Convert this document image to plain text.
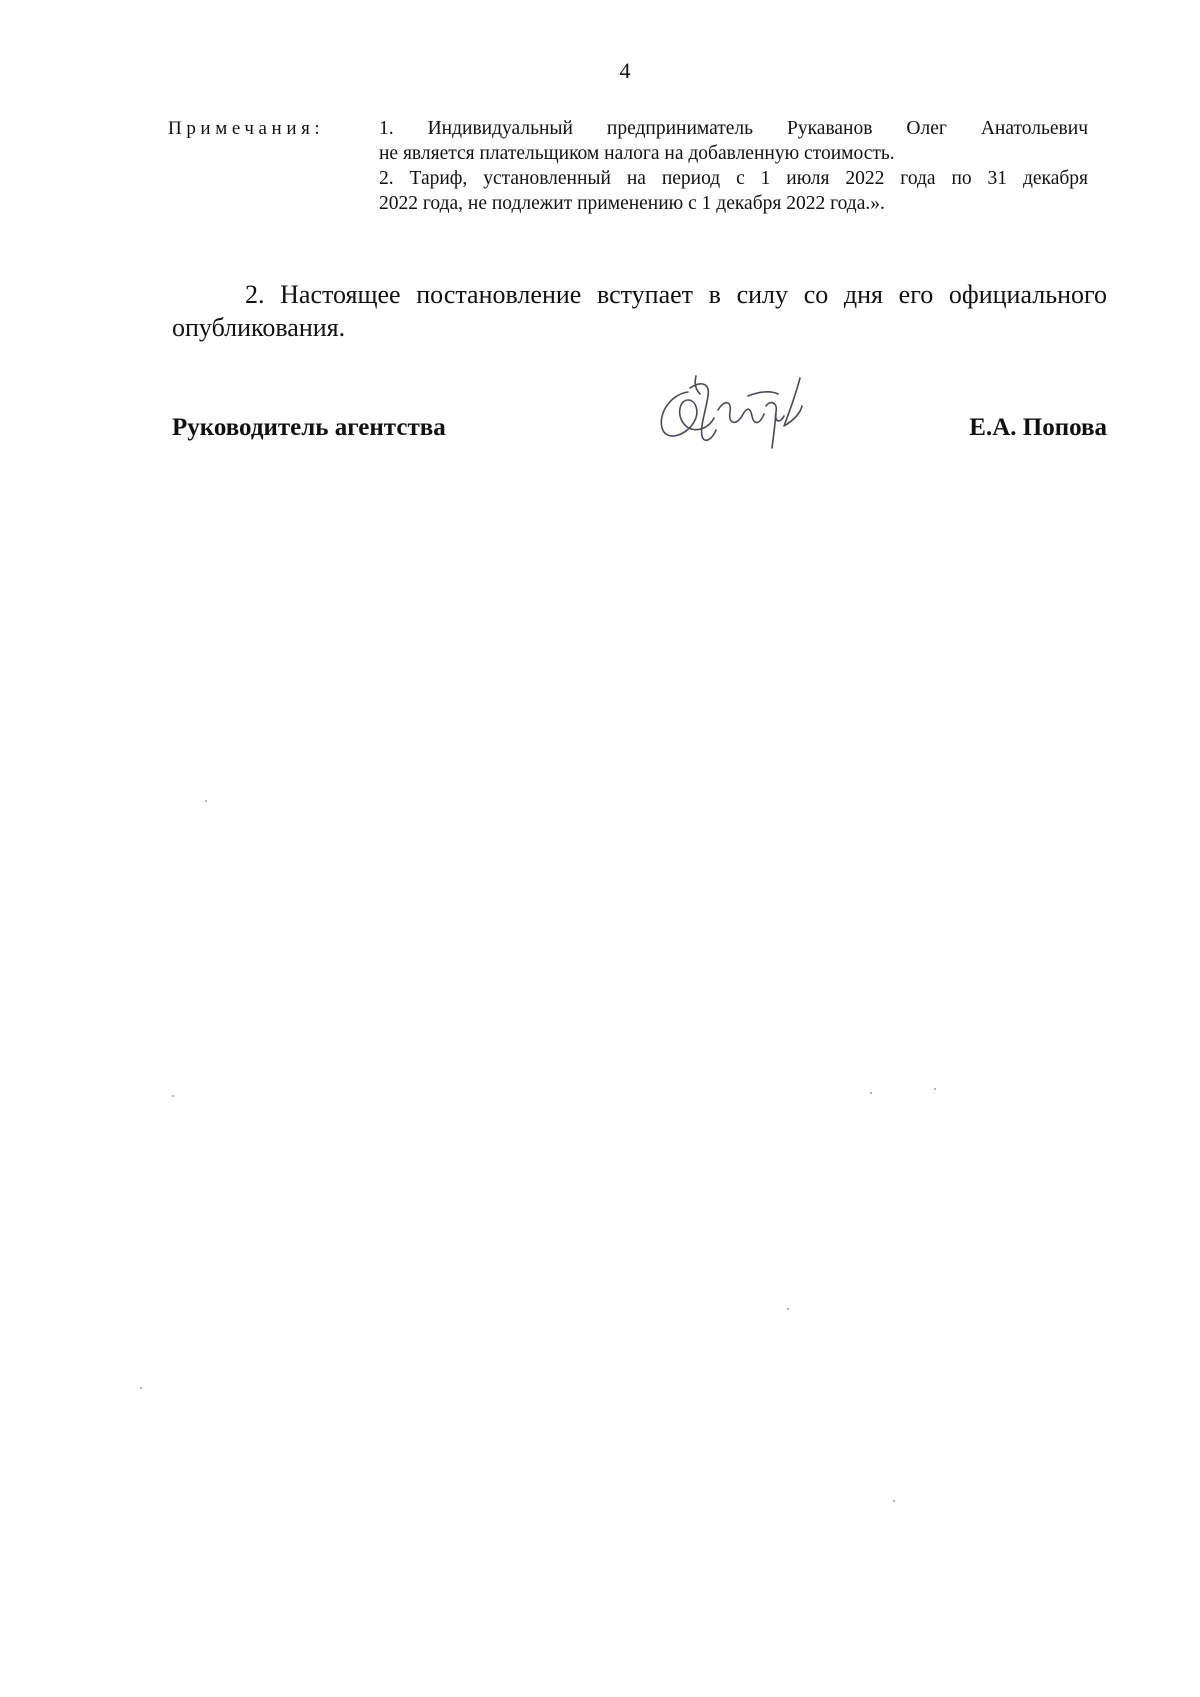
4
Примечания:	1. Индивидуальный предприниматель Рукаванов Олег Анатольевич
не является плательщиком налога на добавленную стоимость.
2. Тариф, установленный на период с 1 июля 2022 года по 31 декабря
2022 года, не подлежит применению с 1 декабря 2022 года.».
2. Настоящее постановление вступает в силу со дня его официального опубликования.
Руководитель агентства	Е.А. Попова
